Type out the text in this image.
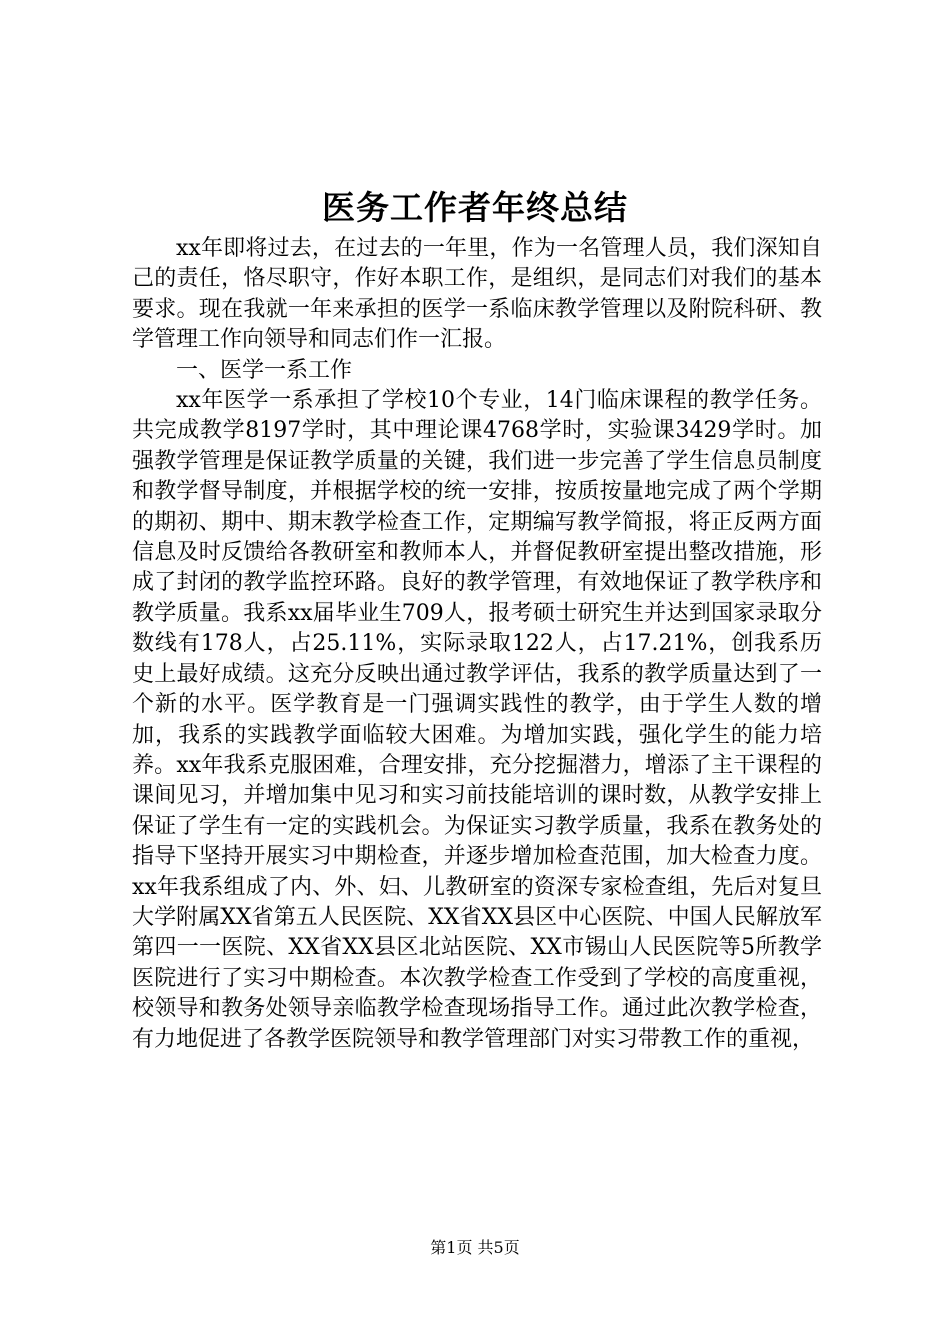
医务工作者年终总结

xx年即将过去，在过去的一年里，作为一名管理人员，我们深知自己的责任，恪尽职守，作好本职工作，是组织，是同志们对我们的基本要求。现在我就一年来承担的医学一系临床教学管理以及附院科研、教学管理工作向领导和同志们作一汇报。

一、医学一系工作

xx年医学一系承担了学校10个专业，14门临床课程的教学任务。共完成教学8197学时，其中理论课4768学时，实验课3429学时。加强教学管理是保证教学质量的关键，我们进一步完善了学生信息员制度和教学督导制度，并根据学校的统一安排，按质按量地完成了两个学期的期初、期中、期末教学检查工作，定期编写教学简报，将正反两方面信息及时反馈给各教研室和教师本人，并督促教研室提出整改措施，形成了封闭的教学监控环路。良好的教学管理，有效地保证了教学秩序和教学质量。我系xx届毕业生709人，报考硕士研究生并达到国家录取分数线有178人，占25.11%，实际录取122人，占17.21%，创我系历史上最好成绩。这充分反映出通过教学评估，我系的教学质量达到了一个新的水平。医学教育是一门强调实践性的教学，由于学生人数的增加，我系的实践教学面临较大困难。为增加实践，强化学生的能力培养。xx年我系克服困难，合理安排，充分挖掘潜力，增添了主干课程的课间见习，并增加集中见习和实习前技能培训的课时数，从教学安排上保证了学生有一定的实践机会。为保证实习教学质量，我系在教务处的指导下坚持开展实习中期检查，并逐步增加检查范围，加大检查力度。xx年我系组成了内、外、妇、儿教研室的资深专家检查组，先后对复旦大学附属XX省第五人民医院、XX省XX县区中心医院、中国人民解放军第四一一医院、XX省XX县区北站医院、XX市锡山人民医院等5所教学医院进行了实习中期检查。本次教学检查工作受到了学校的高度重视，校领导和教务处领导亲临教学检查现场指导工作。通过此次教学检查，有力地促进了各教学医院领导和教学管理部门对实习带教工作的重视，

第1页 共5页
